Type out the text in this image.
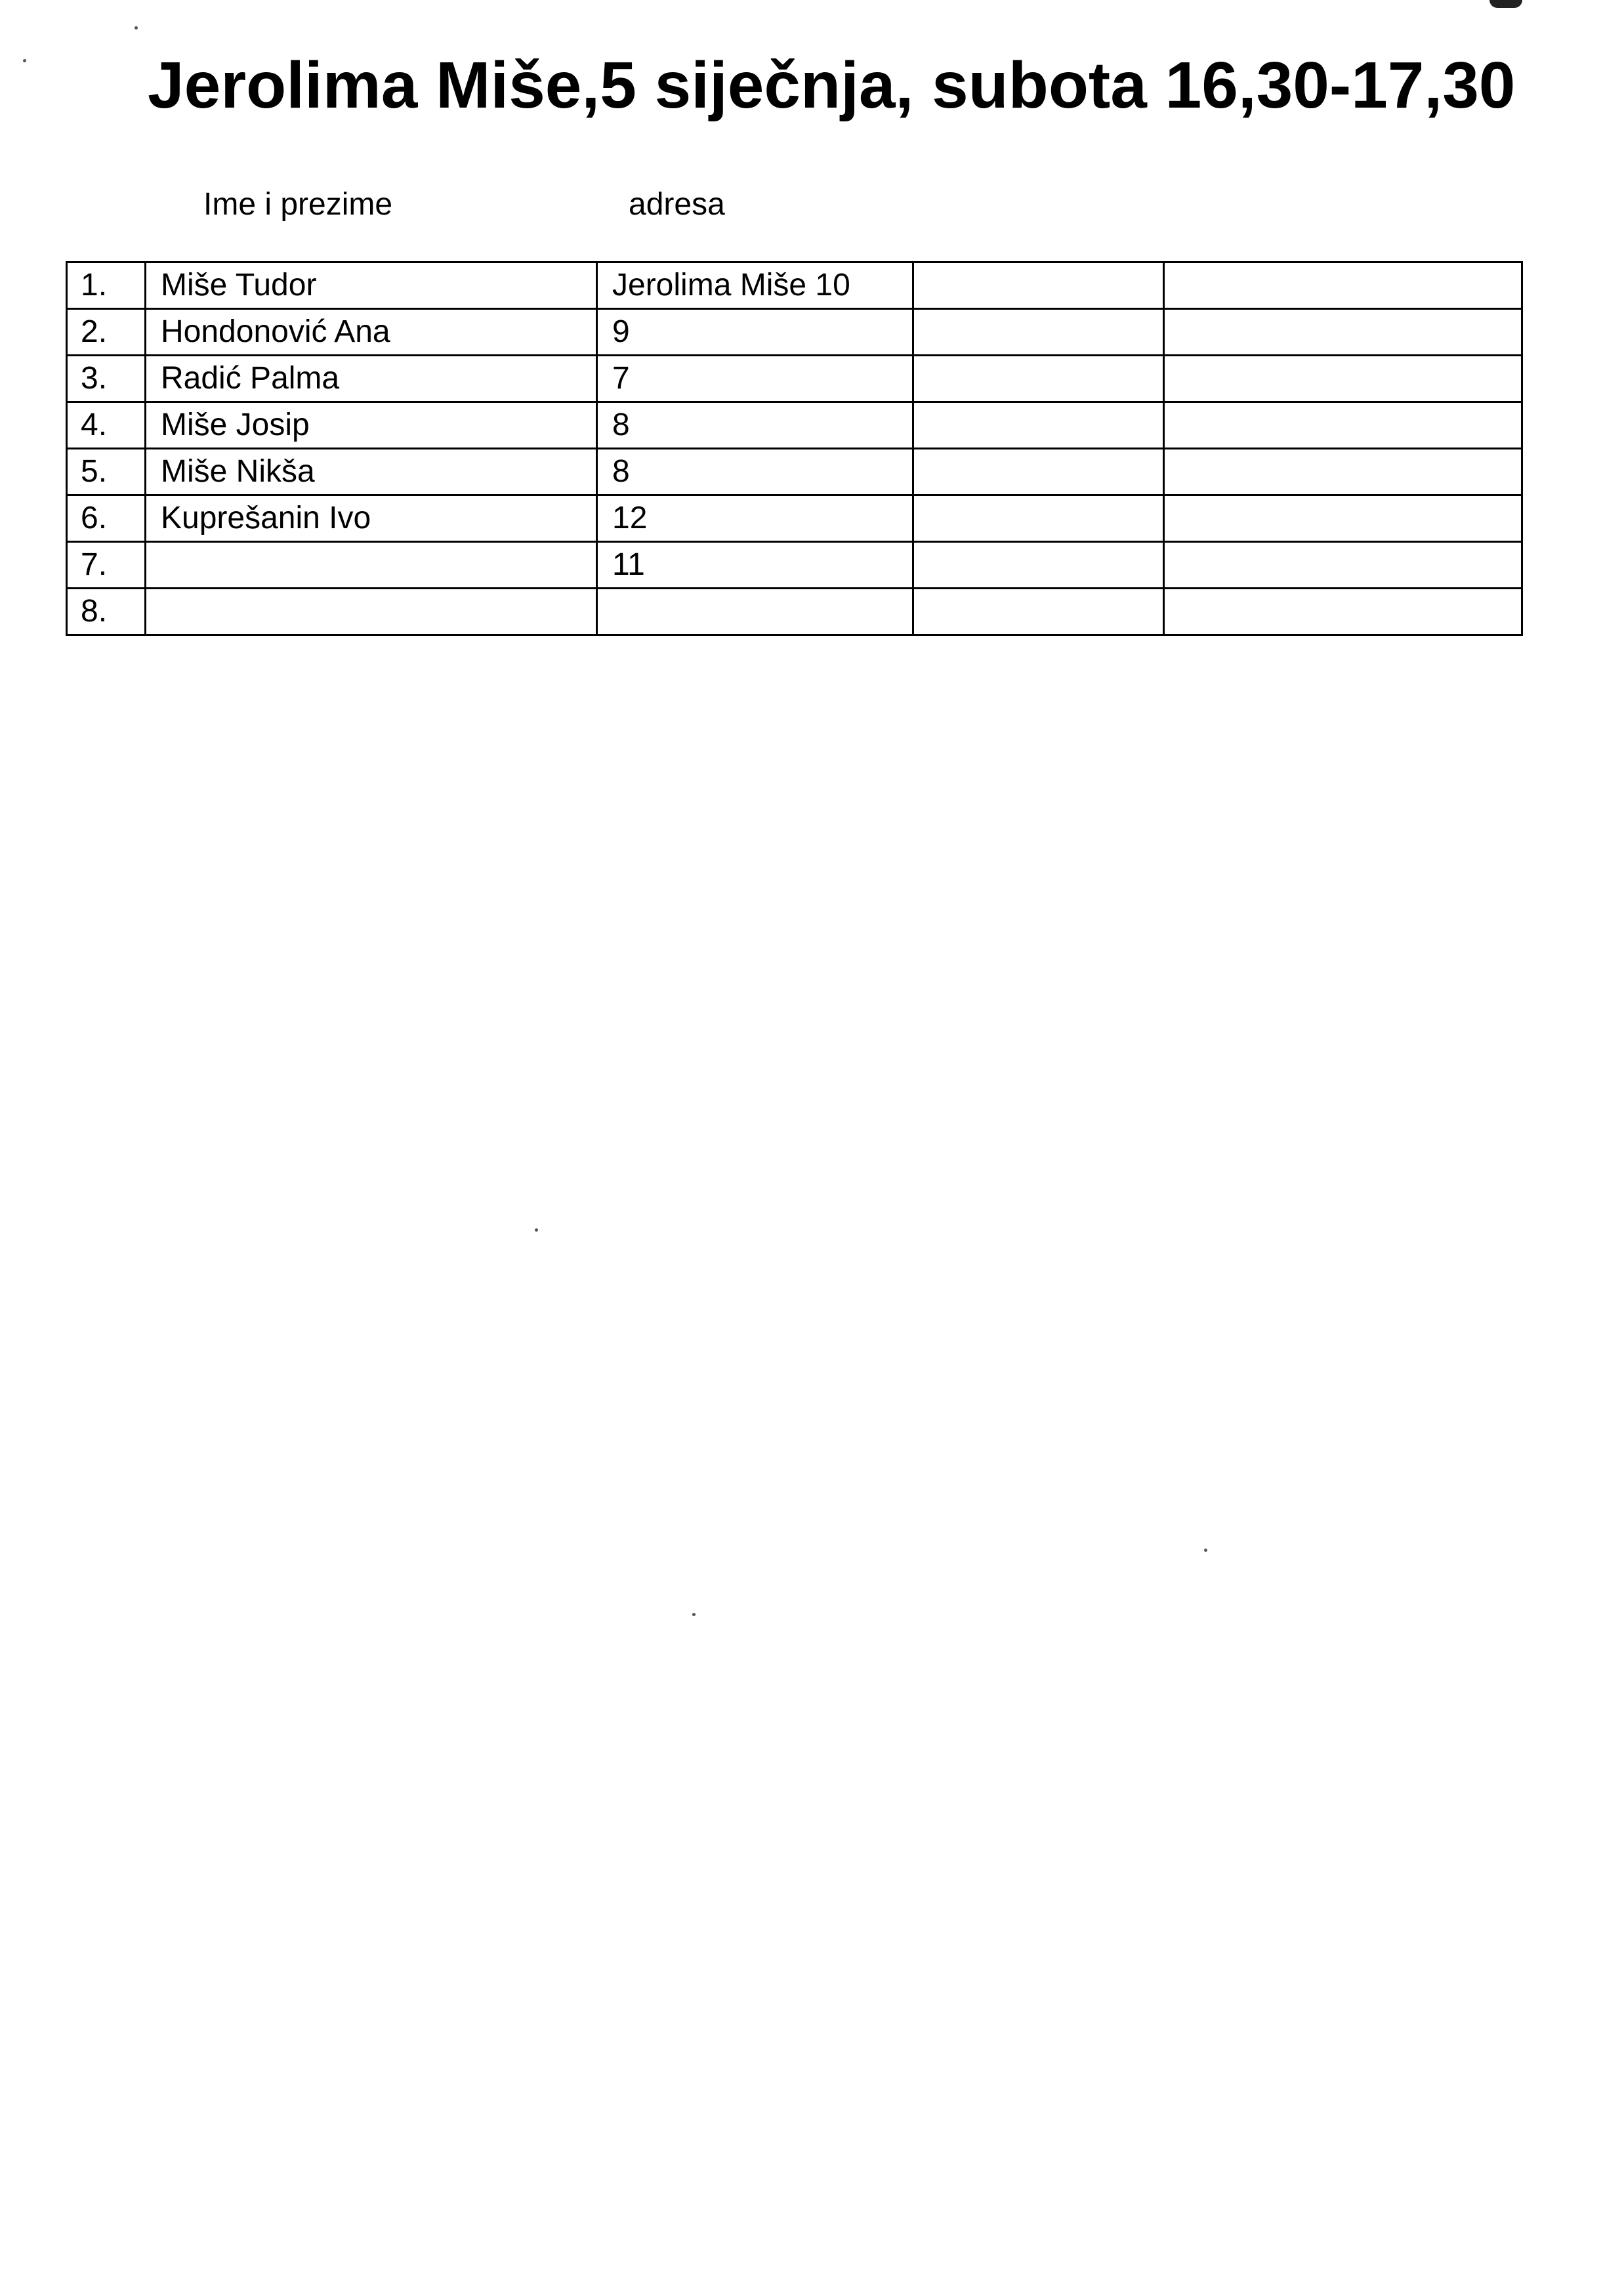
Jerolima Miše,5 siječnja, subota 16,30-17,30
Ime i prezime	adresa
1.	Miše Tudor	Jerolima Miše 10		
2.	Hondonović Ana	9		
3.	Radić Palma	7		
4.	Miše Josip	8		
5.	Miše Nikša	8		
6.	Kuprešanin Ivo	12		
7.		11		
8.				
